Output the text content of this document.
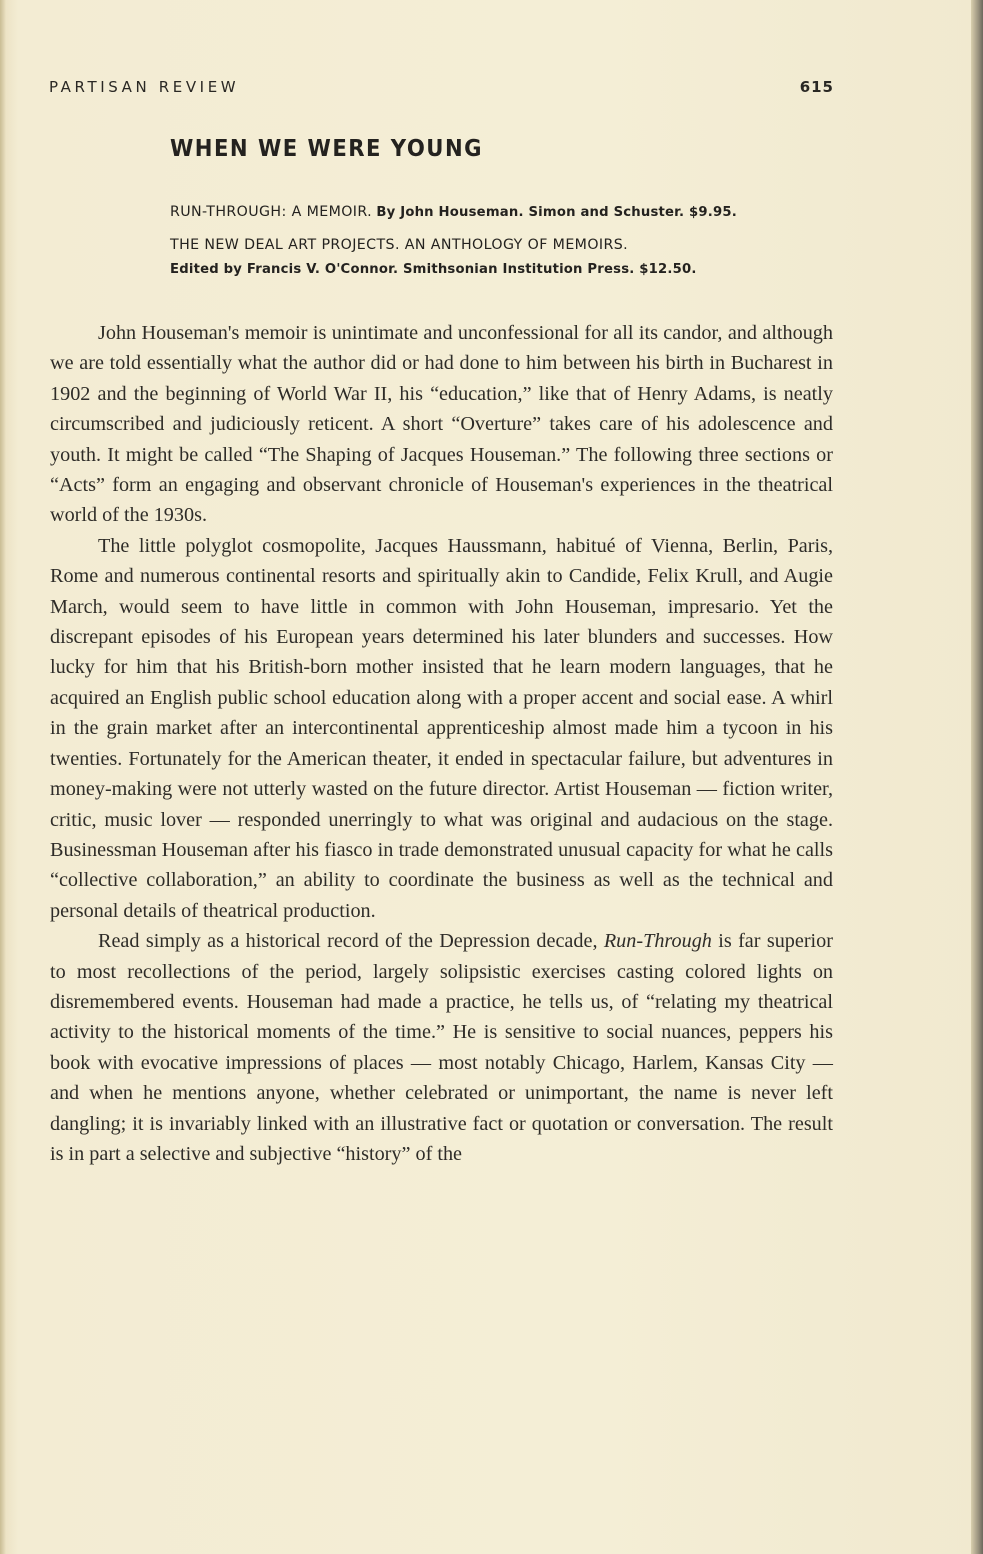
PARTISAN REVIEW	615
WHEN WE WERE YOUNG
RUN-THROUGH: A MEMOIR. By John Houseman. Simon and Schuster. $9.95.
THE NEW DEAL ART PROJECTS. AN ANTHOLOGY OF MEMOIRS.
Edited by Francis V. O'Connor. Smithsonian Institution Press. $12.50.

John Houseman's memoir is unintimate and unconfessional for all its candor, and although we are told essentially what the author did or had done to him between his birth in Bucharest in 1902 and the beginning of World War II, his “education,” like that of Henry Adams, is neatly circumscribed and judiciously reticent. A short “Overture” takes care of his adolescence and youth. It might be called “The Shaping of Jacques Houseman.” The following three sections or “Acts” form an engaging and observant chronicle of Houseman's experiences in the theatrical world of the 1930s.

The little polyglot cosmopolite, Jacques Haussmann, habitué of Vienna, Berlin, Paris, Rome and numerous continental resorts and spiritually akin to Candide, Felix Krull, and Augie March, would seem to have little in common with John Houseman, impresario. Yet the discrepant episodes of his European years determined his later blunders and successes. How lucky for him that his British-born mother insisted that he learn modern languages, that he acquired an English public school education along with a proper accent and social ease. A whirl in the grain market after an intercontinental apprenticeship almost made him a tycoon in his twenties. Fortunately for the American theater, it ended in spectacular failure, but adventures in money-making were not utterly wasted on the future director. Artist Houseman — fiction writer, critic, music lover — responded unerringly to what was original and audacious on the stage. Businessman Houseman after his fiasco in trade demonstrated unusual capacity for what he calls “collective collaboration,” an ability to coordinate the business as well as the technical and personal details of theatrical production.

Read simply as a historical record of the Depression decade, Run-Through is far superior to most recollections of the period, largely solipsistic exercises casting colored lights on disremembered events. Houseman had made a practice, he tells us, of “relating my theatrical activity to the historical moments of the time.” He is sensitive to social nuances, peppers his book with evocative impressions of places — most notably Chicago, Harlem, Kansas City — and when he mentions anyone, whether celebrated or unimportant, the name is never left dangling; it is invariably linked with an illustrative fact or quotation or conversation. The result is in part a selective and subjective “history” of the
